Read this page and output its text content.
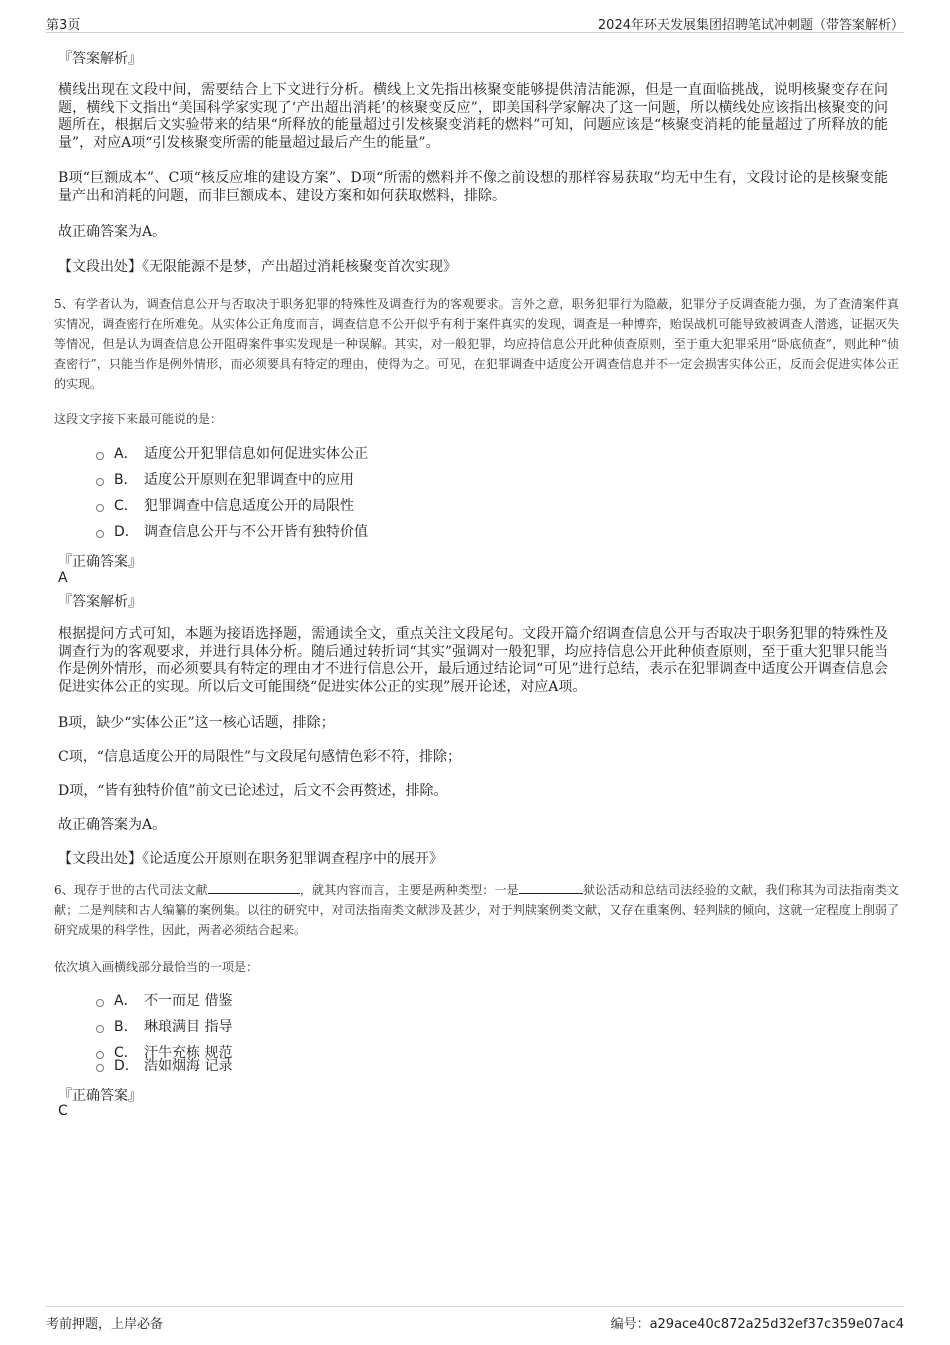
第3页	2024年环天发展集团招聘笔试冲刺题（带答案解析）
『答案解析』

横线出现在文段中间，需要结合上下文进行分析。横线上文先指出核聚变能够提供清洁能源，但是一直面临挑战，说明核聚变存在问题，横线下文指出“美国科学家实现了‘产出超出消耗’的核聚变反应”，即美国科学家解决了这一问题，所以横线处应该指出核聚变的问题所在，根据后文实验带来的结果“所释放的能量超过引发核聚变消耗的燃料”可知，问题应该是“核聚变消耗的能量超过了所释放的能量”，对应A项“引发核聚变所需的能量超过最后产生的能量”。

B项“巨额成本”、C项“核反应堆的建设方案”、D项“所需的燃料并不像之前设想的那样容易获取”均无中生有，文段讨论的是核聚变能量产出和消耗的问题，而非巨额成本、建设方案和如何获取燃料，排除。

故正确答案为A。
【文段出处】《无限能源不是梦，产出超过消耗核聚变首次实现》

5、有学者认为，调查信息公开与否取决于职务犯罪的特殊性及调查行为的客观要求。言外之意，职务犯罪行为隐蔽，犯罪分子反调查能力强，为了查清案件真实情况，调查密行在所难免。从实体公正角度而言，调查信息不公开似乎有利于案件真实的发现，调查是一种博弈，贻误战机可能导致被调查人潜逃，证据灭失等情况，但是认为调查信息公开阻碍案件事实发现是一种误解。其实，对一般犯罪，均应持信息公开此种侦查原则，至于重大犯罪采用“卧底侦查”，则此种“侦查密行”，只能当作是例外情形，而必须要具有特定的理由，使得为之。可见，在犯罪调查中适度公开调查信息并不一定会损害实体公正，反而会促进实体公正的实现。

这段文字接下来最可能说的是：
A． 适度公开犯罪信息如何促进实体公正
B． 适度公开原则在犯罪调查中的应用
C． 犯罪调查中信息适度公开的局限性
D． 调查信息公开与不公开皆有独特价值
『正确答案』
A
『答案解析』

根据提问方式可知，本题为接语选择题，需通读全文，重点关注文段尾句。文段开篇介绍调查信息公开与否取决于职务犯罪的特殊性及调查行为的客观要求，并进行具体分析。随后通过转折词“其实”强调对一般犯罪，均应持信息公开此种侦查原则，至于重大犯罪只能当作是例外情形，而必须要具有特定的理由才不进行信息公开，最后通过结论词“可见”进行总结，表示在犯罪调查中适度公开调查信息会促进实体公正的实现。所以后文可能围绕“促进实体公正的实现”展开论述，对应A项。

B项，缺少“实体公正”这一核心话题，排除；
C项，“信息适度公开的局限性”与文段尾句感情色彩不符，排除；
D项，“皆有独特价值”前文已论述过，后文不会再赘述，排除。
故正确答案为A。
【文段出处】《论适度公开原则在职务犯罪调查程序中的展开》

6、现存于世的古代司法文献	，就其内容而言，主要是两种类型：一是	狱讼活动和总结司法经验的文献，我们称其为司法指南类文献；二是判牍和古人编纂的案例集。以往的研究中，对司法指南类文献涉及甚少，对于判牍案例类文献，又存在重案例、轻判牍的倾向，这就一定程度上削弱了研究成果的科学性，因此，两者必须结合起来。

依次填入画横线部分最恰当的一项是：
A． 不一而足 借鉴
B． 琳琅满目 指导
C． 汗牛充栋 规范
D． 浩如烟海 记录
『正确答案』
C
考前押题，上岸必备	编号：a29ace40c872a25d32ef37c359e07ac4
